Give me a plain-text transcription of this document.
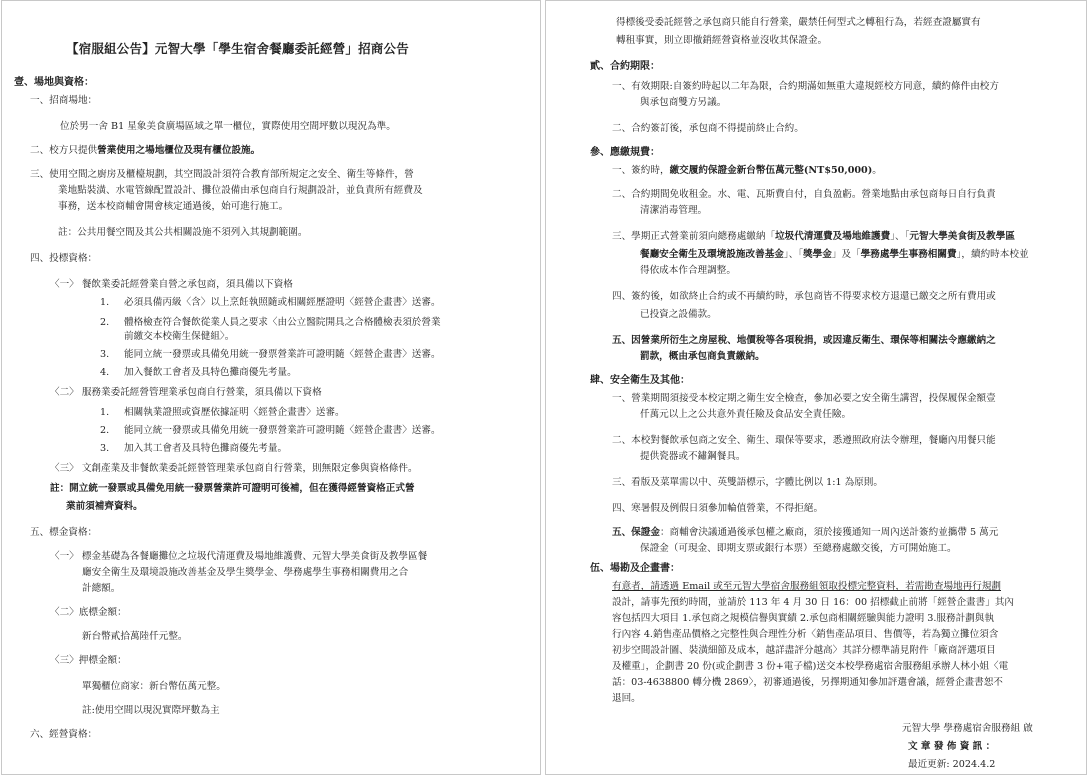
【宿服組公告】元智大學「學生宿舍餐廳委託經營」招商公告
壹、場地與資格：
一、招商場地：
位於男一舍 B1 星象美食廣場區域之單一櫃位，實際使用空間坪數以現況為準。
二、校方只提供營業使用之場地櫃位及現有櫃位設施。
三、使用空間之廚房及櫃檯規劃，其空間設計須符合教育部所規定之安全、衛生等條件，營
業地點裝潢、水電管線配置設計、攤位設備由承包商自行規劃設計，並負責所有經費及
事務，送本校商輔會開會核定通過後，始可進行施工。
註：公共用餐空間及其公共相關設施不須列入其規劃範圍。
四、投標資格：
〈一〉 餐飲業委託經營業自營之承包商，須具備以下資格
1. 必須具備丙級〈含〉以上烹飪執照隨或相關經歷證明〈經營企畫書〉送審。
2. 體格檢查符合餐飲從業人員之要求〈由公立醫院開具之合格體檢表須於營業
前繳交本校衛生保健組〉。
3. 能同立統一發票或具備免用統一發票營業許可證明隨〈經營企畫書〉送審。
4. 加入餐飲工會者及具特色攤商優先考量。
〈二〉 服務業委託經營管理業承包商自行營業，須具備以下資格
1. 相關執業證照或資歷依據証明〈經營企畫書〉送審。
2. 能同立統一發票或具備免用統一發票營業許可證明隨〈經營企畫書〉送審。
3. 加入其工會者及具特色攤商優先考量。
〈三〉 文創產業及非餐飲業委託經營管理業承包商自行營業，則無限定參與資格條件。
註：開立統一發票或具備免用統一發票營業許可證明可後補，但在獲得經營資格正式營
業前須補齊資料。
五、標金資格：
〈一〉 標金基礎為各餐廳攤位之垃圾代清運費及場地維護費、元智大學美食街及教學區餐
廳安全衛生及環境設施改善基金及學生獎學金、學務處學生事務相關費用之合
計總額。
〈二〉底標金額：
新台幣貳拾萬陸仟元整。
〈三〉押標金額：
單獨櫃位商家：新台幣伍萬元整。
註:使用空間以現況實際坪數為主
六、經營資格：
得標後受委託經營之承包商只能自行營業，嚴禁任何型式之轉租行為，若經查證屬實有
轉租事實，則立即撤銷經營資格並沒收其保證金。
貳、合約期限：
一、有效期限:自簽約時起以二年為限，合約期滿如無重大違規經校方同意，續約條件由校方
與承包商雙方另議。
二、合約簽訂後，承包商不得提前終止合約。
參、應繳規費：
一、簽約時，繳交履約保證金新台幣伍萬元整(NT$50,000)。
二、合約期間免收租金。水、電、瓦斯費自付，自負盈虧。營業地點由承包商每日自行負責
清潔消毒管理。
三、學期正式營業前須向總務處繳納「垃圾代清運費及場地維護費」、「元智大學美食街及教學區
餐廳安全衛生及環境設施改善基金」、「獎學金」及「學務處學生事務相關費」，續約時本校並
得依成本作合理調整。
四、簽約後，如欲終止合約或不再續約時，承包商皆不得要求校方退還已繳交之所有費用或
已投資之設備款。
五、因營業所衍生之房屋稅、地價稅等各項稅捐，或因違反衛生、環保等相關法令應繳納之
罰款，概由承包商負責繳納。
肆、安全衛生及其他：
一、營業期間須接受本校定期之衛生安全檢查，參加必要之安全衛生講習，投保履保金額壹
仟萬元以上之公共意外責任險及食品安全責任險。
二、本校對餐飲承包商之安全、衛生、環保等要求，悉遵照政府法令辦理，餐廳內用餐只能
提供瓷器或不鏽鋼餐具。
三、看版及菜單需以中、英雙語標示，字體比例以 1:1 為原則。
四、寒暑假及例假日須參加輪值營業，不得拒絕。
五、保證金：商輔會決議通過後承包權之廠商，須於接獲通知一周內送計簽約並攜帶 5 萬元
保證金（可現金、即期支票或銀行本票）至總務處繳交後，方可開始施工。
伍、場勘及企畫書：
有意者，請透過 Email 或至元智大學宿舍服務組領取投標完整資料，若需勘查場地再行規劃
設計，請事先預約時間，並請於 113 年 4 月 30 日 16：00 招標截止前將「經營企畫書」其內
容包括四大項目 1.承包商之規模信譽與實績 2.承包商相關經驗與能力證明 3.服務計劃與執
行內容 4.銷售產品價格之完整性與合理性分析〈銷售產品項目、售價等，若為獨立攤位須含
初步空間設計圖、裝潢細節及成本，越詳盡評分越高〉其詳分標準請見附件「廠商評選項目
及權重」，企劃書 20 份(或企劃書 3 份+電子檔)送交本校學務處宿舍服務組承辦人林小姐〈電
話：03-4638800 轉分機 2869〉，初審通過後，另擇期通知參加評選會議，經營企畫書恕不
退回。
元智大學 學務處宿舍服務組 啟
文 章 發 佈 資 訊 ：
最近更新: 2024.4.2
